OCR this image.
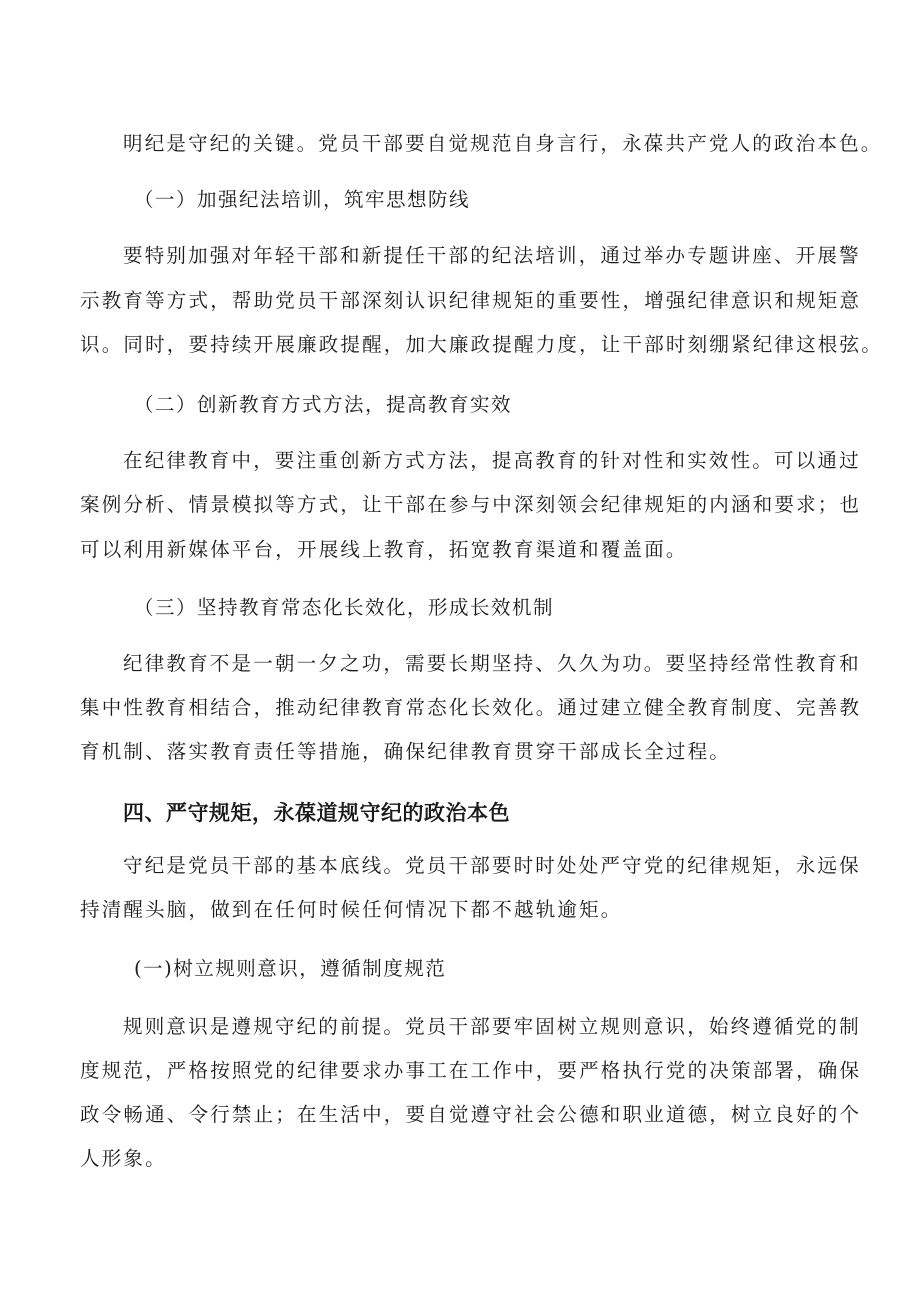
明纪是守纪的关键。党员干部要自觉规范自身言行，永葆共产党人的政治本色。
（一）加强纪法培训，筑牢思想防线
要特别加强对年轻干部和新提任干部的纪法培训，通过举办专题讲座、开展警
示教育等方式，帮助党员干部深刻认识纪律规矩的重要性，增强纪律意识和规矩意
识。同时，要持续开展廉政提醒，加大廉政提醒力度，让干部时刻绷紧纪律这根弦。
（二）创新教育方式方法，提高教育实效
在纪律教育中，要注重创新方式方法，提高教育的针对性和实效性。可以通过
案例分析、情景模拟等方式，让干部在参与中深刻领会纪律规矩的内涵和要求；也
可以利用新媒体平台，开展线上教育，拓宽教育渠道和覆盖面。
（三）坚持教育常态化长效化，形成长效机制
纪律教育不是一朝一夕之功，需要长期坚持、久久为功。要坚持经常性教育和
集中性教育相结合，推动纪律教育常态化长效化。通过建立健全教育制度、完善教
育机制、落实教育责任等措施，确保纪律教育贯穿干部成长全过程。
四、严守规矩，永葆道规守纪的政治本色
守纪是党员干部的基本底线。党员干部要时时处处严守党的纪律规矩，永远保
持清醒头脑，做到在任何时候任何情况下都不越轨逾矩。
(一)树立规则意识，遵循制度规范
规则意识是遵规守纪的前提。党员干部要牢固树立规则意识，始终遵循党的制
度规范，严格按照党的纪律要求办事工在工作中，要严格执行党的决策部署，确保
政令畅通、令行禁止；在生活中，要自觉遵守社会公德和职业道德，树立良好的个
人形象。
